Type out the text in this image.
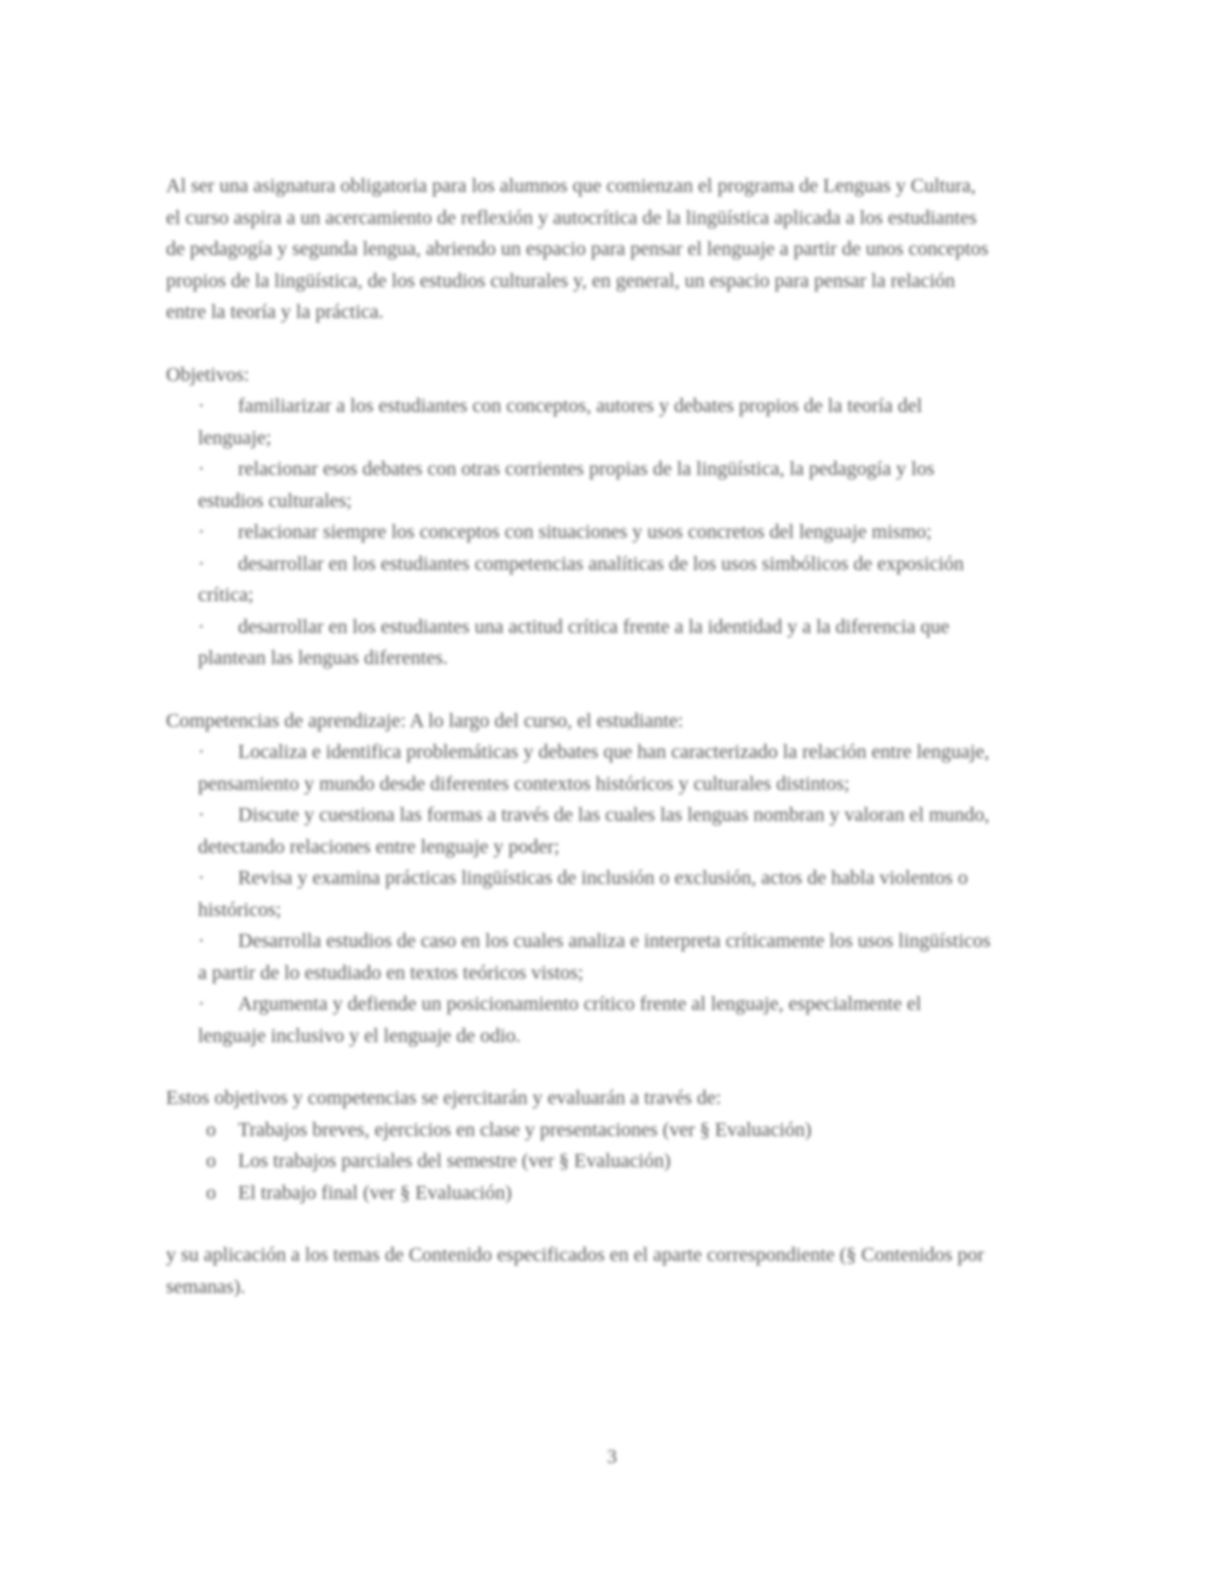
Al ser una asignatura obligatoria para los alumnos que comienzan el programa de Lenguas y Cultura, el curso aspira a un acercamiento de reflexión y autocrítica de la lingüística aplicada a los estudiantes de pedagogía y segunda lengua, abriendo un espacio para pensar el lenguaje a partir de unos conceptos propios de la lingüística, de los estudios culturales y, en general, un espacio para pensar la relación entre la teoría y la práctica.

Objetivos:

· familiarizar a los estudiantes con conceptos, autores y debates propios de la teoría del lenguaje;
· relacionar esos debates con otras corrientes propias de la lingüística, la pedagogía y los estudios culturales;
· relacionar siempre los conceptos con situaciones y usos concretos del lenguaje mismo;
· desarrollar en los estudiantes competencias analíticas de los usos simbólicos de exposición crítica;
· desarrollar en los estudiantes una actitud crítica frente a la identidad y a la diferencia que plantean las lenguas diferentes.

Competencias de aprendizaje: A lo largo del curso, el estudiante:

· Localiza e identifica problemáticas y debates que han caracterizado la relación entre lenguaje, pensamiento y mundo desde diferentes contextos históricos y culturales distintos;
· Discute y cuestiona las formas a través de las cuales las lenguas nombran y valoran el mundo, detectando relaciones entre lenguaje y poder;
· Revisa y examina prácticas lingüísticas de inclusión o exclusión, actos de habla violentos o históricos;
· Desarrolla estudios de caso en los cuales analiza e interpreta críticamente los usos lingüísticos a partir de lo estudiado en textos teóricos vistos;
· Argumenta y defiende un posicionamiento crítico frente al lenguaje, especialmente el lenguaje inclusivo y el lenguaje de odio.

Estos objetivos y competencias se ejercitarán y evaluarán a través de:

o Trabajos breves, ejercicios en clase y presentaciones (ver § Evaluación)
o Los trabajos parciales del semestre (ver § Evaluación)
o El trabajo final (ver § Evaluación)

y su aplicación a los temas de Contenido especificados en el aparte correspondiente (§ Contenidos por semanas).

3
